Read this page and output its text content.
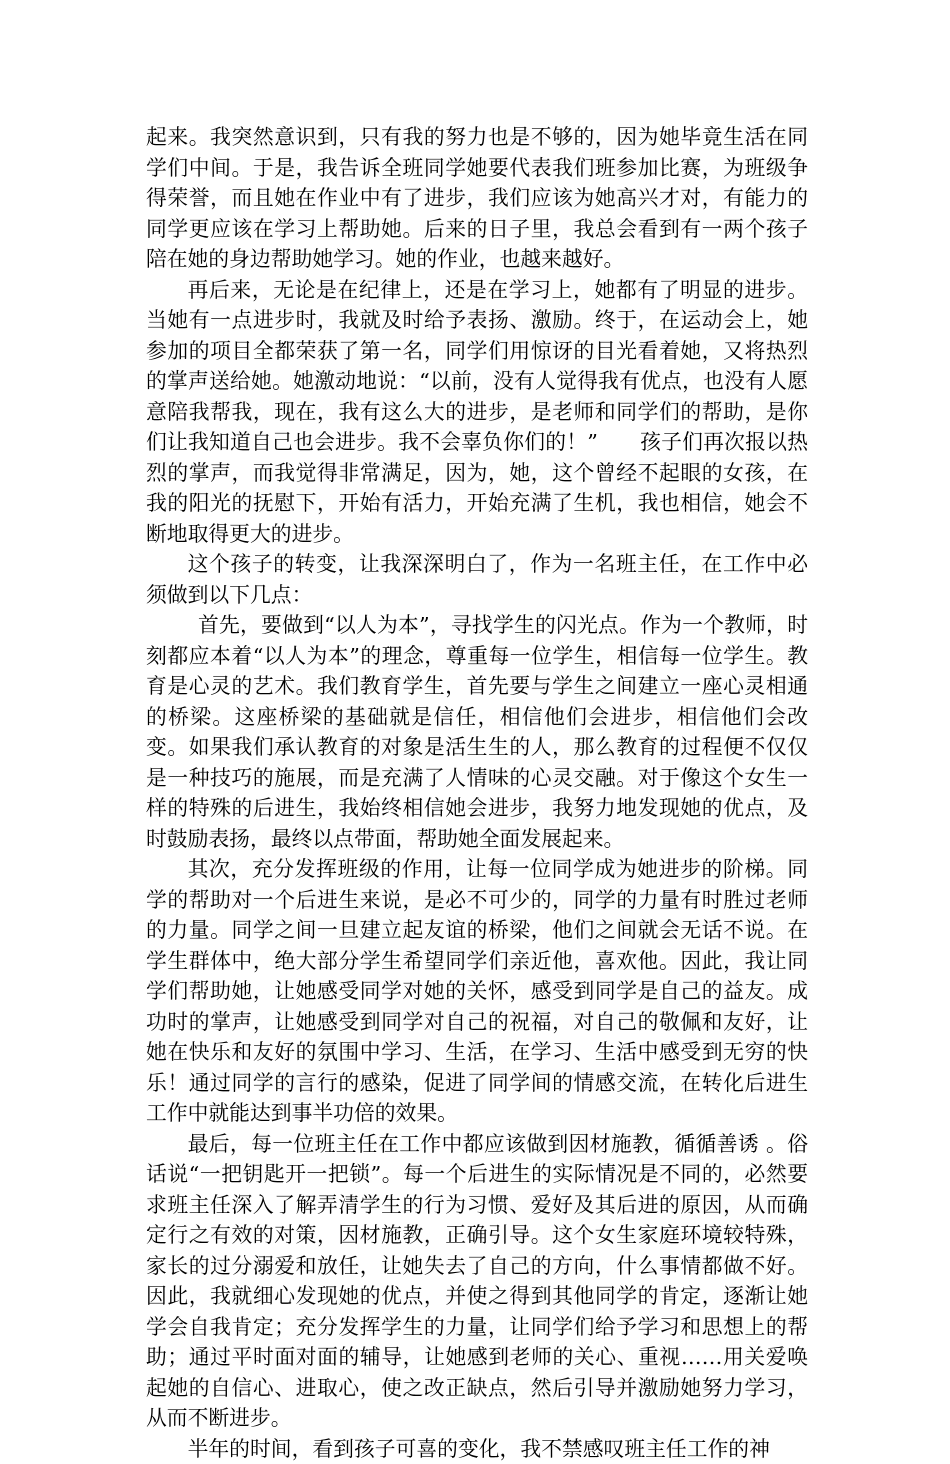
起来。我突然意识到，只有我的努力也是不够的，因为她毕竟生活在同学们中间。于是，我告诉全班同学她要代表我们班参加比赛，为班级争得荣誉，而且她在作业中有了进步，我们应该为她高兴才对，有能力的同学更应该在学习上帮助她。后来的日子里，我总会看到有一两个孩子陪在她的身边帮助她学习。她的作业，也越来越好。

再后来，无论是在纪律上，还是在学习上，她都有了明显的进步。当她有一点进步时，我就及时给予表扬、激励。终于，在运动会上，她参加的项目全都荣获了第一名，同学们用惊讶的目光看着她，又将热烈的掌声送给她。她激动地说：“以前，没有人觉得我有优点，也没有人愿意陪我帮我，现在，我有这么大的进步，是老师和同学们的帮助，是你们让我知道自己也会进步。我不会辜负你们的！”　　孩子们再次报以热烈的掌声，而我觉得非常满足，因为，她，这个曾经不起眼的女孩，在我的阳光的抚慰下，开始有活力，开始充满了生机，我也相信，她会不断地取得更大的进步。

这个孩子的转变，让我深深明白了，作为一名班主任，在工作中必须做到以下几点：

首先，要做到“以人为本”，寻找学生的闪光点。作为一个教师，时刻都应本着“以人为本”的理念，尊重每一位学生，相信每一位学生。教育是心灵的艺术。我们教育学生，首先要与学生之间建立一座心灵相通的桥梁。这座桥梁的基础就是信任，相信他们会进步，相信他们会改变。如果我们承认教育的对象是活生生的人，那么教育的过程便不仅仅是一种技巧的施展，而是充满了人情味的心灵交融。对于像这个女生一样的特殊的后进生，我始终相信她会进步，我努力地发现她的优点，及时鼓励表扬，最终以点带面，帮助她全面发展起来。

其次，充分发挥班级的作用，让每一位同学成为她进步的阶梯。同学的帮助对一个后进生来说，是必不可少的，同学的力量有时胜过老师的力量。同学之间一旦建立起友谊的桥梁，他们之间就会无话不说。在学生群体中，绝大部分学生希望同学们亲近他，喜欢他。因此，我让同学们帮助她，让她感受同学对她的关怀，感受到同学是自己的益友。成功时的掌声，让她感受到同学对自己的祝福，对自己的敬佩和友好，让她在快乐和友好的氛围中学习、生活，在学习、生活中感受到无穷的快乐！通过同学的言行的感染，促进了同学间的情感交流，在转化后进生工作中就能达到事半功倍的效果。

最后，每一位班主任在工作中都应该做到因材施教，循循善诱 。俗话说“一把钥匙开一把锁”。每一个后进生的实际情况是不同的，必然要求班主任深入了解弄清学生的行为习惯、爱好及其后进的原因，从而确定行之有效的对策，因材施教，正确引导。这个女生家庭环境较特殊，家长的过分溺爱和放任，让她失去了自己的方向，什么事情都做不好。因此，我就细心发现她的优点，并使之得到其他同学的肯定，逐渐让她学会自我肯定；充分发挥学生的力量，让同学们给予学习和思想上的帮助；通过平时面对面的辅导，让她感到老师的关心、重视……用关爱唤起她的自信心、进取心，使之改正缺点，然后引导并激励她努力学习，从而不断进步。

半年的时间，看到孩子可喜的变化，我不禁感叹班主任工作的神
